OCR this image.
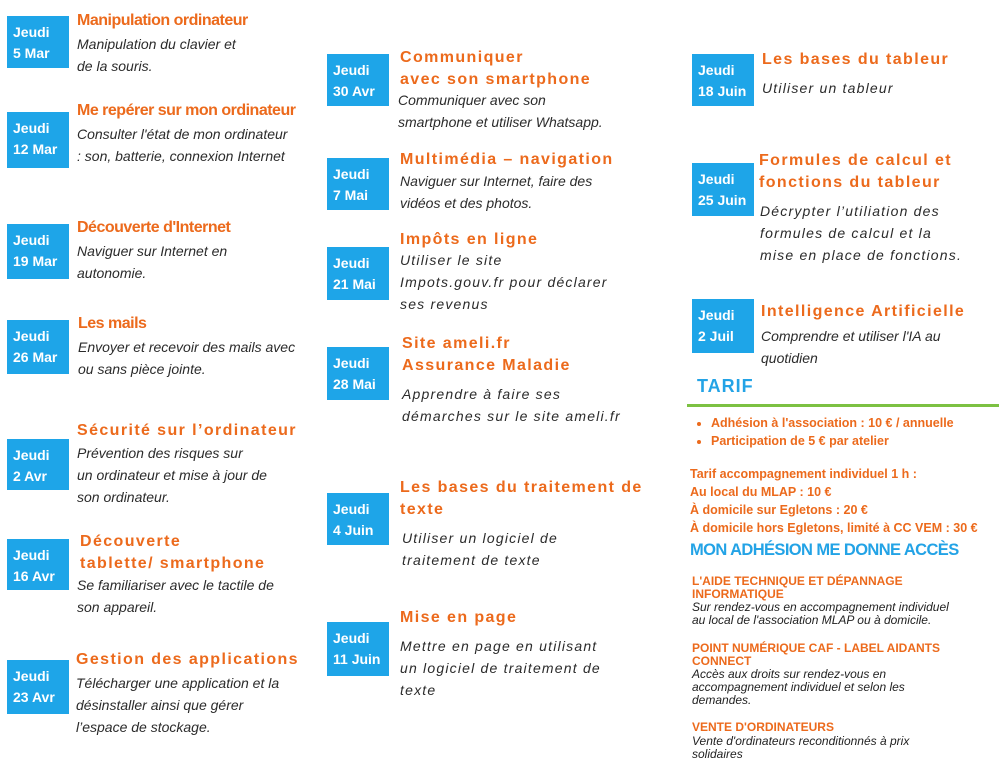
Jeudi
5 Mar
Manipulation ordinateur
Manipulation du clavier et
de la souris.
Jeudi
12 Mar
Me repérer sur mon ordinateur
Consulter l'état de mon ordinateur
: son, batterie, connexion Internet
Jeudi
19 Mar
Découverte d'Internet
Naviguer sur Internet en
autonomie.
Jeudi
26 Mar
Les mails
Envoyer et recevoir des mails avec
ou sans pièce jointe.
Jeudi
2 Avr
Sécurité sur l’ordinateur
Prévention des risques sur
un ordinateur et mise à jour de
son ordinateur.
Jeudi
16 Avr
Découverte
tablette/ smartphone
Se familiariser avec le tactile de
son appareil.
Jeudi
23 Avr
Gestion des applications
Télécharger une application et la
désinstaller ainsi que gérer
l’espace de stockage.
Jeudi
30 Avr
Communiquer
avec son smartphone
Communiquer avec son
smartphone et utiliser Whatsapp.
Jeudi
7 Mai
Multimédia – navigation
Naviguer sur Internet, faire des
vidéos et des photos.
Jeudi
21 Mai
Impôts en ligne
Utiliser le site
Impots.gouv.fr pour déclarer
ses revenus
Jeudi
28 Mai
Site ameli.fr
Assurance Maladie
Apprendre à faire ses
démarches sur le site ameli.fr
Jeudi
4 Juin
Les bases du traitement de
texte
Utiliser un logiciel de
traitement de texte
Jeudi
11 Juin
Mise en page
Mettre en page en utilisant
un logiciel de traitement de
texte
Jeudi
18 Juin
Les bases du tableur
Utiliser un tableur
Jeudi
25 Juin
Formules de calcul et
fonctions du tableur
Décrypter l’utiliation des
formules de calcul et la
mise en place de fonctions.
Jeudi
2 Juil
Intelligence Artificielle
Comprendre et utiliser l'IA au
quotidien
TARIF
• Adhésion à l'association : 10 € / annuelle
• Participation de 5 € par atelier
Tarif accompagnement individuel 1 h :
Au local du MLAP : 10 €
À domicile sur Egletons : 20 €
À domicile hors Egletons, limité à CC VEM : 30 €
MON ADHÉSION ME DONNE ACCÈS
L'AIDE TECHNIQUE ET DÉPANNAGE
INFORMATIQUE
Sur rendez-vous en accompagnement individuel
au local de l'association MLAP ou à domicile.
POINT NUMÉRIQUE CAF - LABEL AIDANTS
CONNECT
Accès aux droits sur rendez-vous en
accompagnement individuel et selon les
demandes.
VENTE D'ORDINATEURS
Vente d'ordinateurs reconditionnés à prix
solidaires
